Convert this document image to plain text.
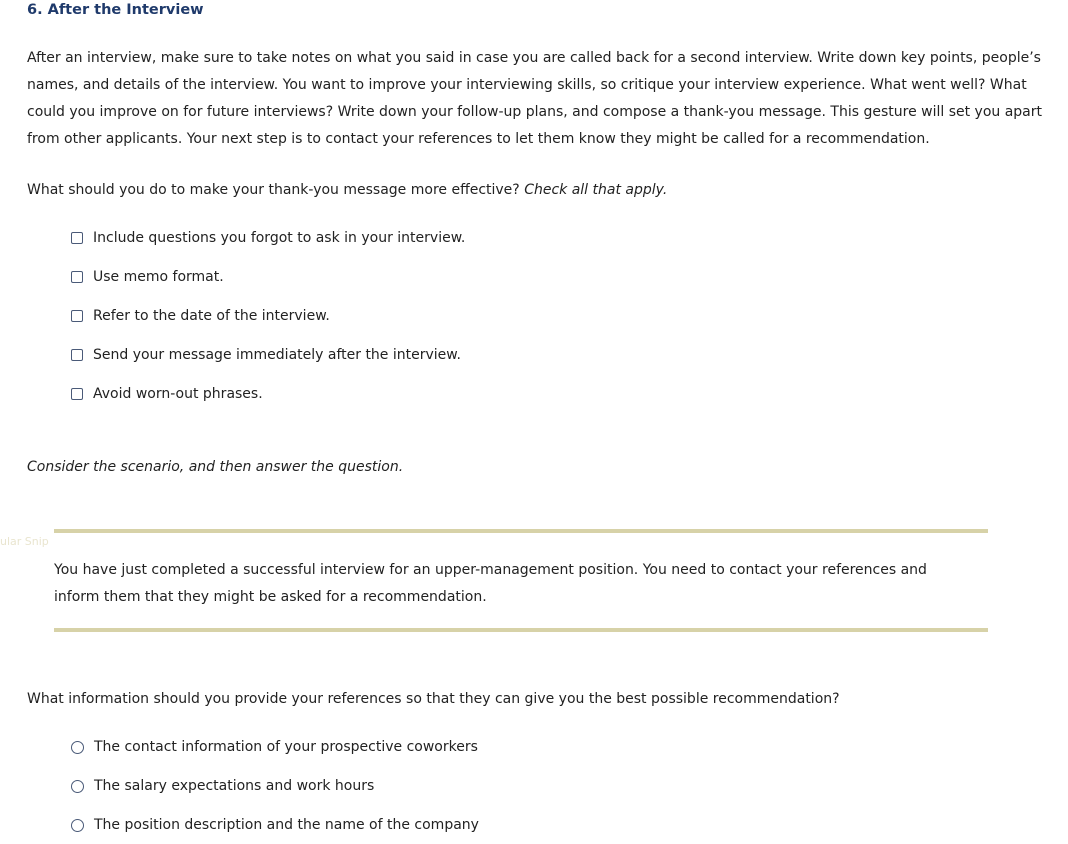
ular Snip
6. After the Interview

After an interview, make sure to take notes on what you said in case you are called back for a second interview. Write down key points, people’s names, and details of the interview. You want to improve your interviewing skills, so critique your interview experience. What went well? What could you improve on for future interviews? Write down your follow-up plans, and compose a thank-you message. This gesture will set you apart from other applicants. Your next step is to contact your references to let them know they might be called for a recommendation.

What should you do to make your thank-you message more effective? Check all that apply.

Include questions you forgot to ask in your interview.
Use memo format.
Refer to the date of the interview.
Send your message immediately after the interview.
Avoid worn-out phrases.

Consider the scenario, and then answer the question.

You have just completed a successful interview for an upper-management position. You need to contact your references and inform them that they might be asked for a recommendation.

What information should you provide your references so that they can give you the best possible recommendation?

The contact information of your prospective coworkers
The salary expectations and work hours
The position description and the name of the company
